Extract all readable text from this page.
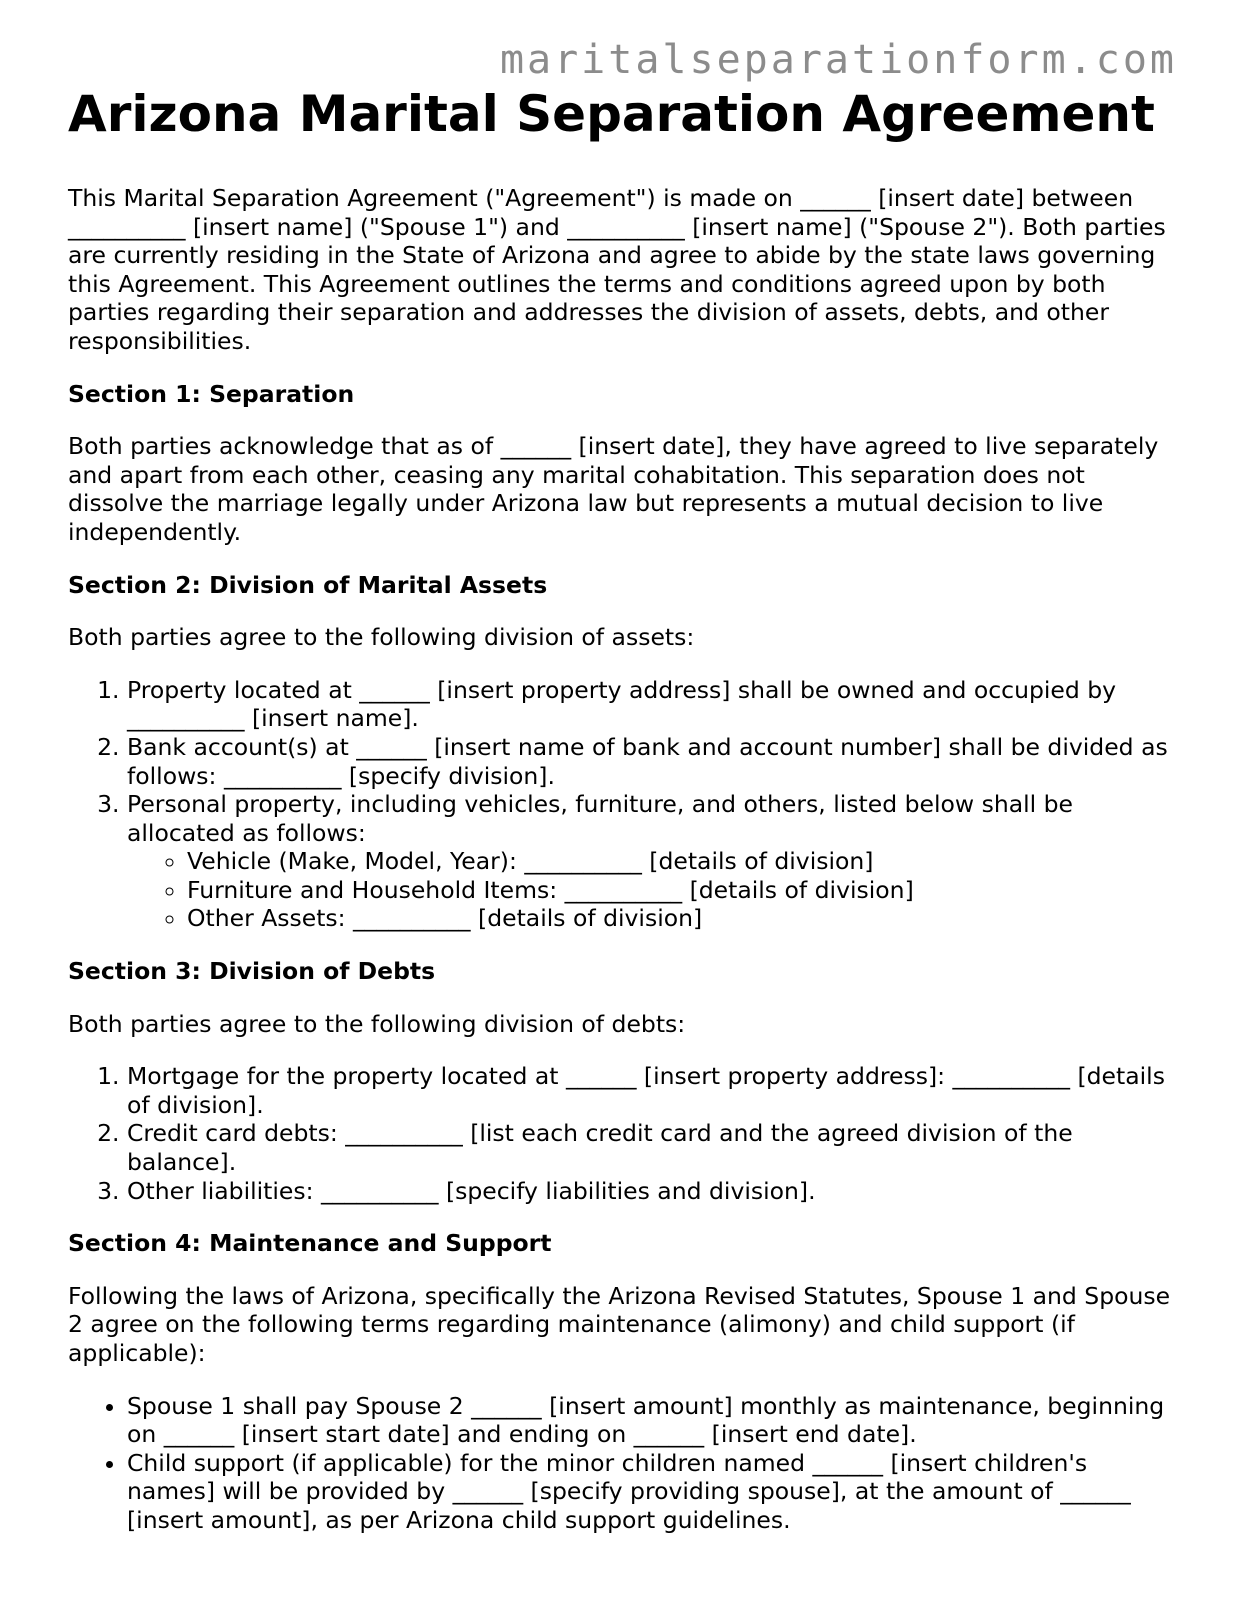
maritalseparationform.com
Arizona Marital Separation Agreement

This Marital Separation Agreement ("Agreement") is made on ______ [insert date] between __________ [insert name] ("Spouse 1") and __________ [insert name] ("Spouse 2"). Both parties are currently residing in the State of Arizona and agree to abide by the state laws governing this Agreement. This Agreement outlines the terms and conditions agreed upon by both parties regarding their separation and addresses the division of assets, debts, and other responsibilities.

Section 1: Separation

Both parties acknowledge that as of ______ [insert date], they have agreed to live separately and apart from each other, ceasing any marital cohabitation. This separation does not dissolve the marriage legally under Arizona law but represents a mutual decision to live independently.

Section 2: Division of Marital Assets

Both parties agree to the following division of assets:

1. Property located at ______ [insert property address] shall be owned and occupied by __________ [insert name].
2. Bank account(s) at ______ [insert name of bank and account number] shall be divided as follows: __________ [specify division].
3. Personal property, including vehicles, furniture, and others, listed below shall be allocated as follows:
◦ Vehicle (Make, Model, Year): __________ [details of division]
◦ Furniture and Household Items: __________ [details of division]
◦ Other Assets: __________ [details of division]
Section 3: Division of Debts

Both parties agree to the following division of debts:

1. Mortgage for the property located at ______ [insert property address]: __________ [details of division].
2. Credit card debts: __________ [list each credit card and the agreed division of the balance].
3. Other liabilities: __________ [specify liabilities and division].
Section 4: Maintenance and Support

Following the laws of Arizona, specifically the Arizona Revised Statutes, Spouse 1 and Spouse 2 agree on the following terms regarding maintenance (alimony) and child support (if applicable):

• Spouse 1 shall pay Spouse 2 ______ [insert amount] monthly as maintenance, beginning on ______ [insert start date] and ending on ______ [insert end date].
• Child support (if applicable) for the minor children named ______ [insert children's names] will be provided by ______ [specify providing spouse], at the amount of ______ [insert amount], as per Arizona child support guidelines.
